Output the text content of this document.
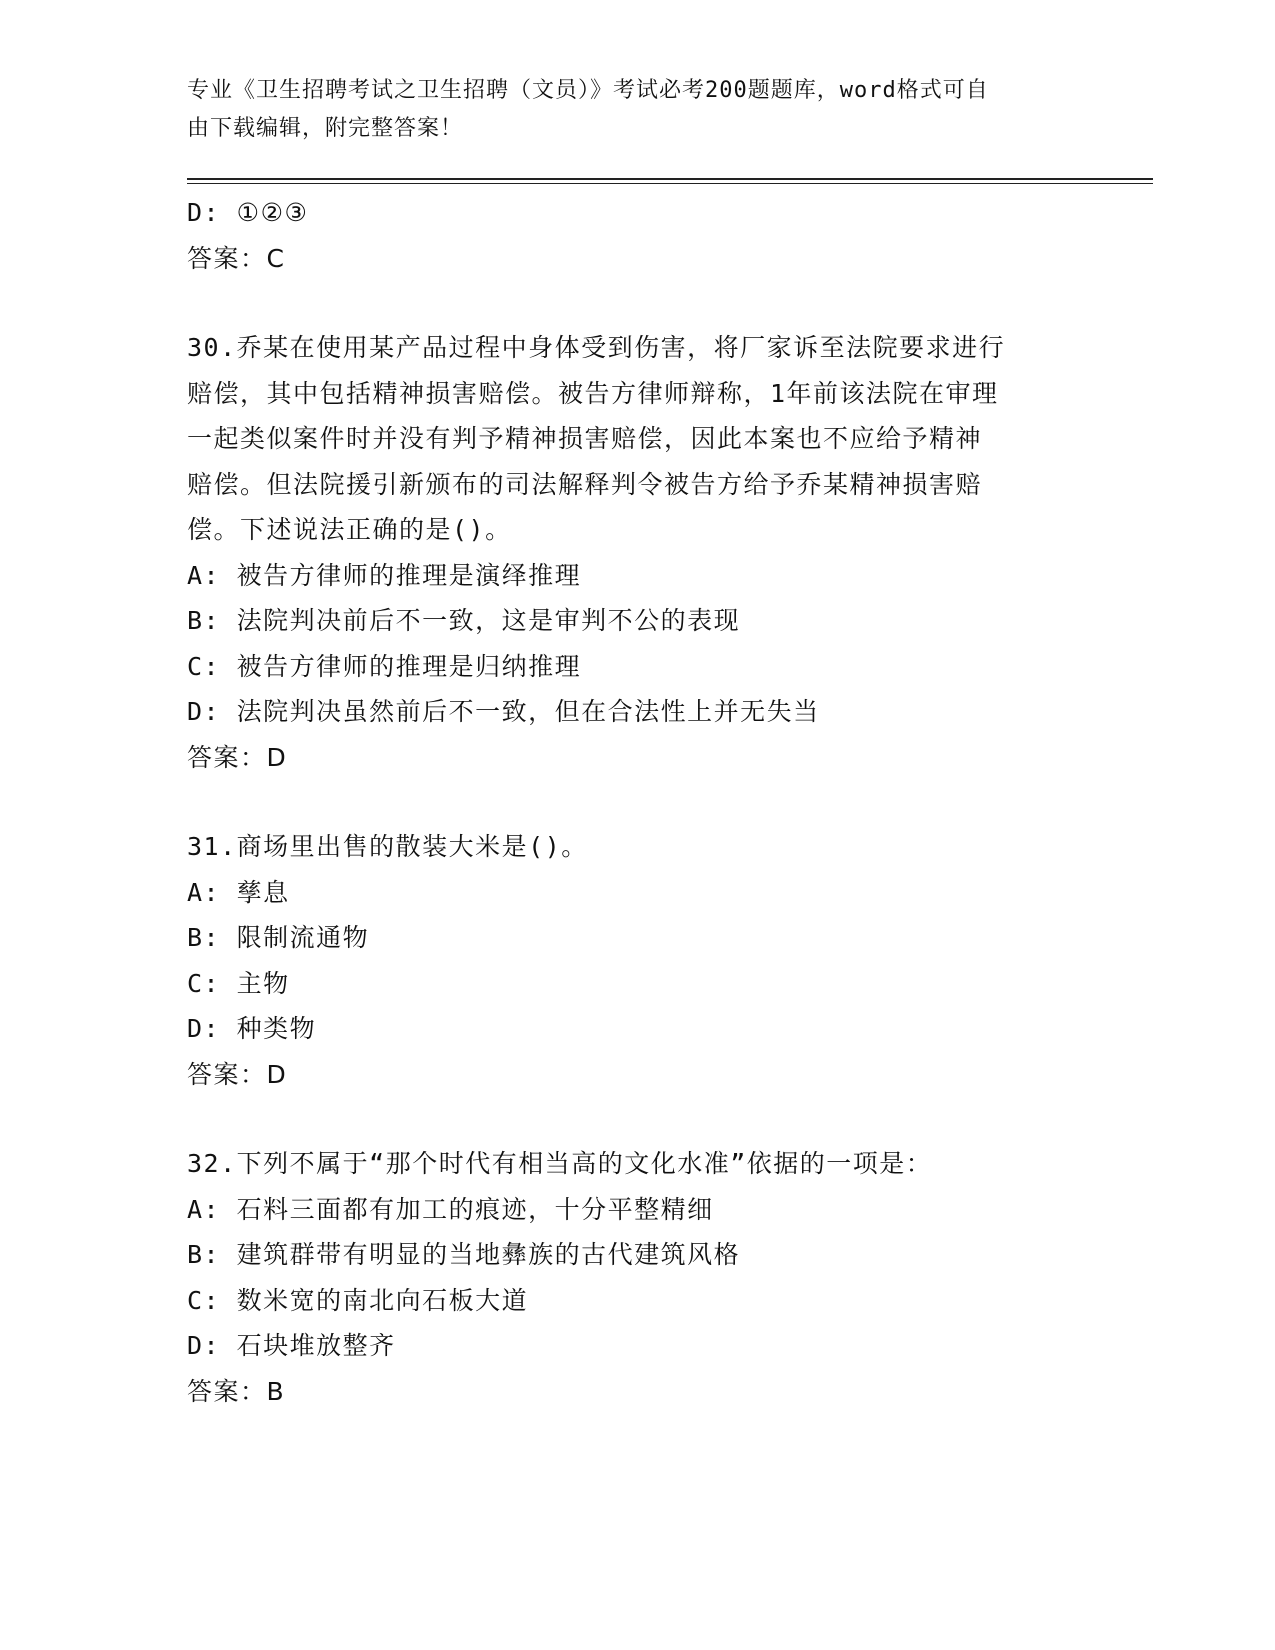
专业《卫生招聘考试之卫生招聘（文员）》考试必考200题题库，word格式可自
由下载编辑，附完整答案！
D: ①②③
答案：C
30.乔某在使用某产品过程中身体受到伤害，将厂家诉至法院要求进行
赔偿，其中包括精神损害赔偿。被告方律师辩称，1年前该法院在审理
一起类似案件时并没有判予精神损害赔偿，因此本案也不应给予精神
赔偿。但法院援引新颁布的司法解释判令被告方给予乔某精神损害赔
偿。下述说法正确的是()。
A: 被告方律师的推理是演绎推理
B: 法院判决前后不一致，这是审判不公的表现
C: 被告方律师的推理是归纳推理
D: 法院判决虽然前后不一致，但在合法性上并无失当
答案：D
31.商场里出售的散装大米是()。
A: 孳息
B: 限制流通物
C: 主物
D: 种类物
答案：D
32.下列不属于“那个时代有相当高的文化水准”依据的一项是：
A: 石料三面都有加工的痕迹，十分平整精细
B: 建筑群带有明显的当地彝族的古代建筑风格
C: 数米宽的南北向石板大道
D: 石块堆放整齐
答案：B
